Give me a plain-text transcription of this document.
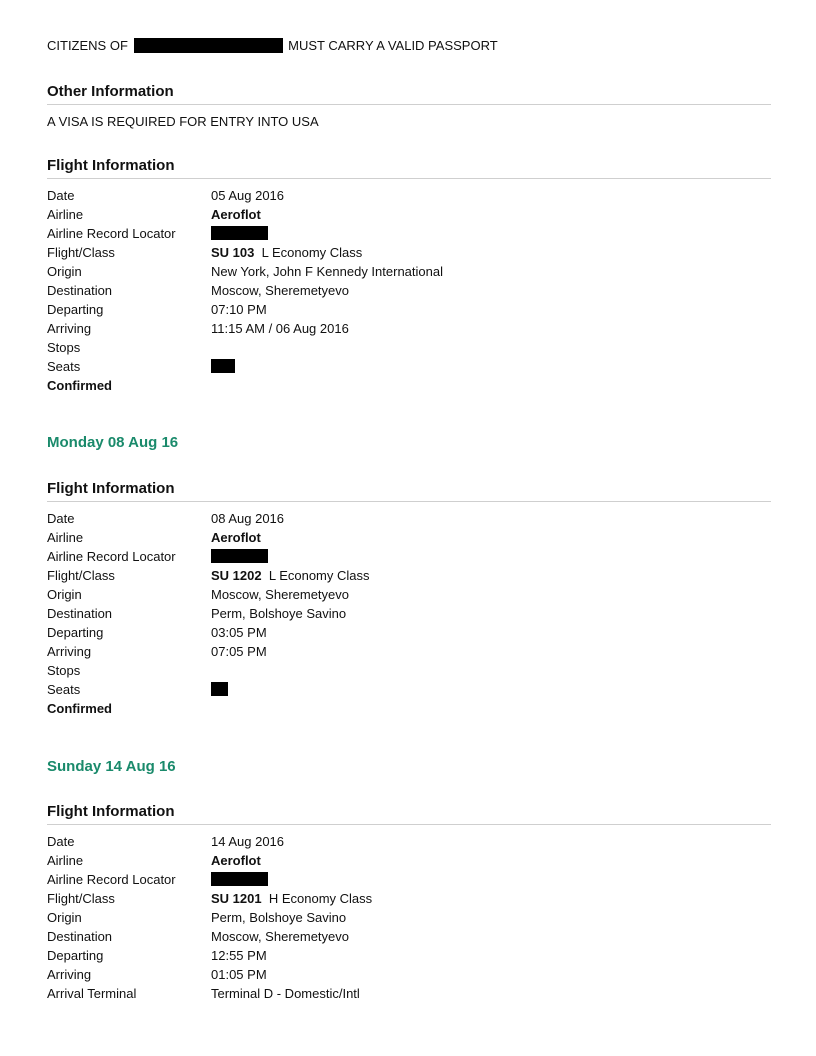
CITIZENS OF	MUST CARRY A VALID PASSPORT
Other Information
A VISA IS REQUIRED FOR ENTRY INTO USA
Flight Information
Date	05 Aug 2016
Airline	Aeroflot
Airline Record Locator
Flight/Class	SU 103 L Economy Class
Origin	New York, John F Kennedy International
Destination	Moscow, Sheremetyevo
Departing	07:10 PM
Arriving	11:15 AM / 06 Aug 2016
Stops
Seats
Confirmed
Monday 08 Aug 16
Flight Information
Date	08 Aug 2016
Airline	Aeroflot
Airline Record Locator
Flight/Class	SU 1202 L Economy Class
Origin	Moscow, Sheremetyevo
Destination	Perm, Bolshoye Savino
Departing	03:05 PM
Arriving	07:05 PM
Stops
Seats
Confirmed
Sunday 14 Aug 16
Flight Information
Date	14 Aug 2016
Airline	Aeroflot
Airline Record Locator
Flight/Class	SU 1201 H Economy Class
Origin	Perm, Bolshoye Savino
Destination	Moscow, Sheremetyevo
Departing	12:55 PM
Arriving	01:05 PM
Arrival Terminal	Terminal D - Domestic/Intl
